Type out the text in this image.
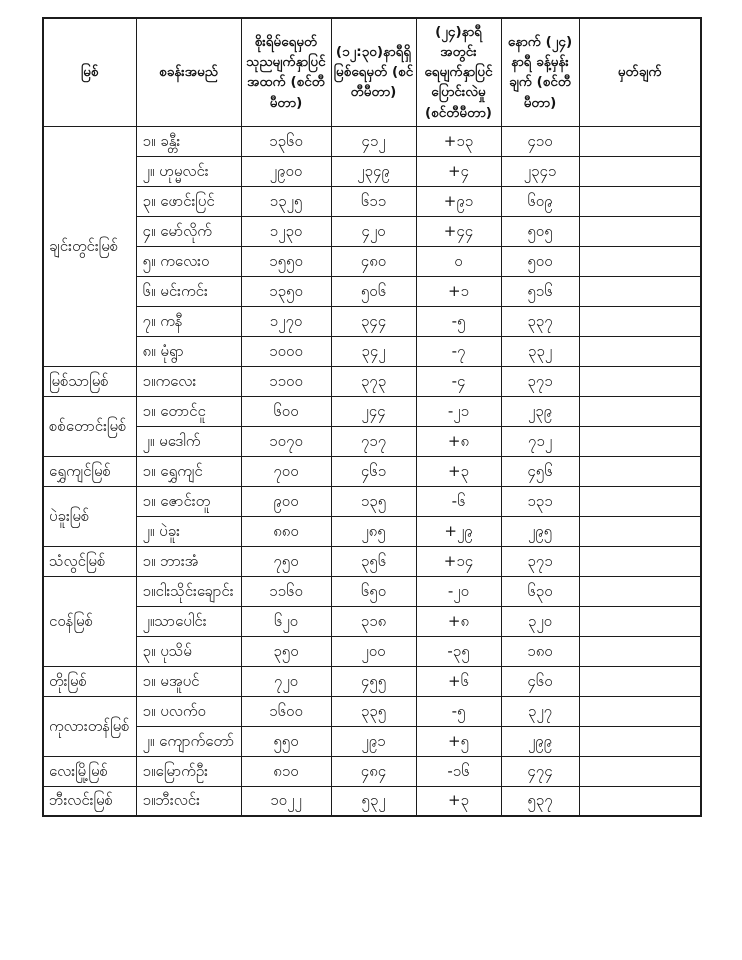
မြစ်	စခန်းအမည်	စိုးရိမ်ရေမှတ် သုညမျက်နှာပြင် အထက် (စင်တီမီတာ)	(၁၂:၃၀)နာရီရှိ မြစ်ရေမှတ် (စင်တီမီတာ)	(၂၄)နာရီအတွင်း ရေမျက်နှာပြင် ပြောင်းလဲမှု (စင်တီမီတာ)	နောက် (၂၄) နာရီ ခန့်မှန်းချက် (စင်တီမီတာ)	မှတ်ချက်
ချင်းတွင်းမြစ်	၁။ ခန္တီး	၁၃၆၀	၄၁၂	+၁၃	၄၁၀	
	၂။ ဟုမ္မလင်း	၂၉၀၀	၂၃၄၉	+၄	၂၃၄၁	
	၃။ ဖောင်းပြင်	၁၃၂၅	၆၁၁	+၉၁	၆၀၉	
	၄။ မော်လိုက်	၁၂၃၀	၄၂၀	+၄၄	၅၀၅	
	၅။ ကလေးဝ	၁၅၅၀	၄၈၀	၀	၅၀၀	
	၆။ မင်းကင်း	၁၃၅၀	၅၀၆	+၁	၅၁၆	
	၇။ ကနီ	၁၂၇၀	၃၄၄	-၅	၃၃၇	
	၈။ မုံရွာ	၁၀၀၀	၃၄၂	-၇	၃၃၂	
မြစ်သာမြစ်	၁။ကလေး	၁၁၀၀	၃၇၃	-၄	၃၇၁	
စစ်တောင်းမြစ်	၁။ တောင်ငူ	၆၀၀	၂၄၄	-၂၁	၂၃၉	
	၂။ မဒေါက်	၁၀၇၀	၇၁၇	+၈	၇၁၂	
ရွှေကျင်မြစ်	၁။ ရွှေကျင်	၇၀၀	၄၆၁	+၃	၄၅၆	
ပဲခူးမြစ်	၁။ ဇောင်းတူ	၉၀၀	၁၃၅	-၆	၁၃၁	
	၂။ ပဲခူး	၈၈၀	၂၈၅	+၂၉	၂၉၅	
သံလွင်မြစ်	၁။ ဘားအံ	၇၅၀	၃၅၆	+၁၄	၃၇၁	
ငဝန်မြစ်	၁။ငါးသိုင်းချောင်း	၁၁၆၀	၆၅၀	-၂၀	၆၃၀	
	၂။သာပေါင်း	၆၂၀	၃၁၈	+၈	၃၂၀	
	၃။ ပုသိမ်	၃၅၀	၂၀၀	-၃၅	၁၈၀	
တိုးမြစ်	၁။ မအူပင်	၇၂၀	၄၅၅	+၆	၄၆၀	
ကုလားတန်မြစ်	၁။ ပလက်ဝ	၁၆၀၀	၃၃၅	-၅	၃၂၇	
	၂။ ကျောက်တော်	၅၅၀	၂၉၁	+၅	၂၉၉	
လေးမြို့မြစ်	၁။မြောက်ဦး	၈၁၀	၄၈၄	-၁၆	၄၇၄	
ဘီးလင်းမြစ်	၁။ဘီးလင်း	၁၀၂၂	၅၃၂	+၃	၅၃၇	
